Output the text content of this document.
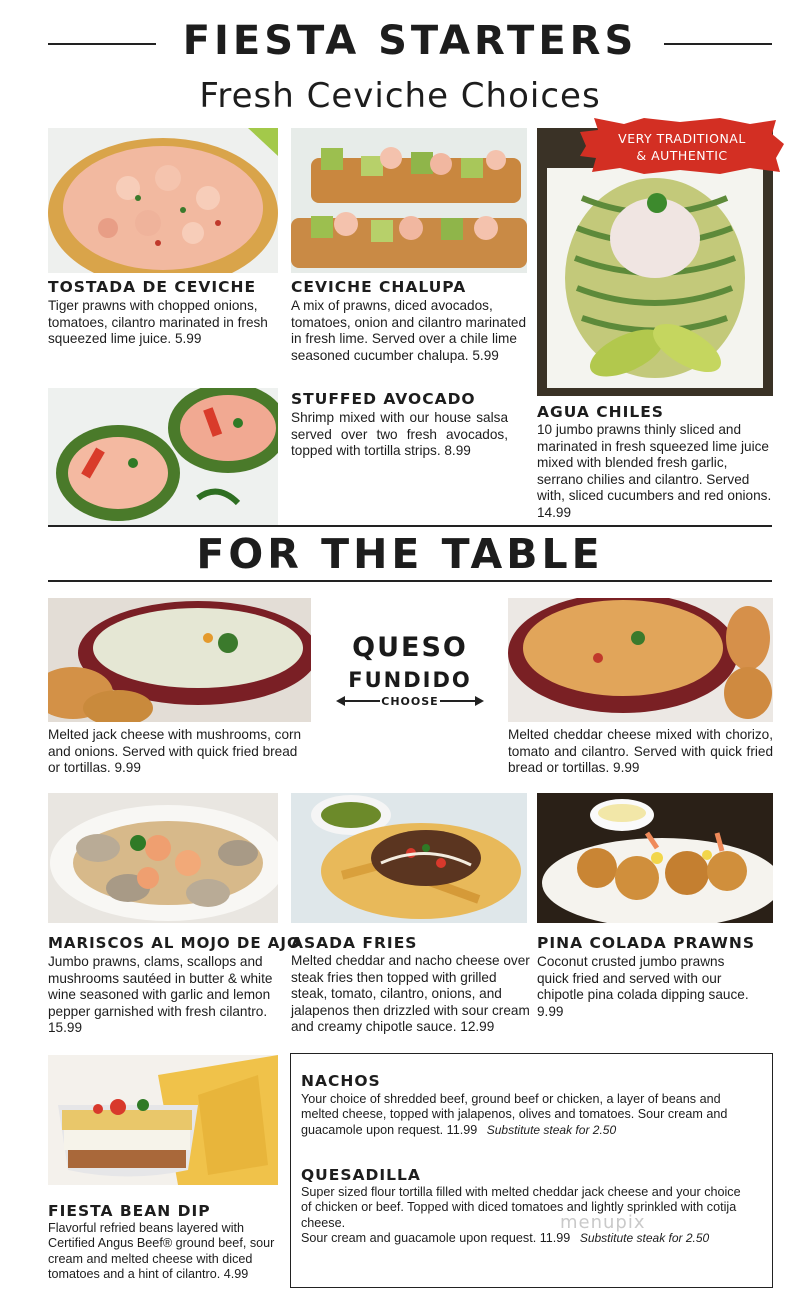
FIESTA STARTERS
Fresh Ceviche Choices
VERY TRADITIONAL
& AUTHENTIC
TOSTADA DE CEVICHE
Tiger prawns with chopped onions, tomatoes, cilantro marinated in fresh squeezed lime juice. 5.99
CEVICHE CHALUPA
A mix of prawns, diced avocados, tomatoes, onion and cilantro marinated in fresh lime. Served over a chile lime seasoned cucumber chalupa. 5.99
STUFFED AVOCADO
Shrimp mixed with our house salsa served over two fresh avocados, topped with tortilla strips. 8.99
AGUA CHILES
10 jumbo prawns thinly sliced and marinated in fresh squeezed lime juice mixed with blended fresh garlic, serrano chilies and cilantro. Served with, sliced cucumbers and red onions. 14.99
FOR THE TABLE
QUESO
FUNDIDO
CHOOSE
Melted jack cheese with mushrooms, corn and onions. Served with quick fried bread or tortillas. 9.99
Melted cheddar cheese mixed with chorizo, tomato and cilantro. Served with quick fried bread or tortillas. 9.99
MARISCOS AL MOJO DE AJO
Jumbo prawns, clams, scallops and mushrooms sautéed in butter & white wine seasoned with garlic and lemon pepper garnished with fresh cilantro. 15.99
ASADA FRIES
Melted cheddar and nacho cheese over steak fries then topped with grilled steak, tomato, cilantro, onions, and jalapenos then drizzled with sour cream and creamy chipotle sauce. 12.99
PINA COLADA PRAWNS
Coconut crusted jumbo prawns quick fried and served with our chipotle pina colada dipping sauce. 9.99
FIESTA BEAN DIP
Flavorful refried beans layered with Certified Angus Beef® ground beef, sour cream and melted cheese with diced tomatoes and a hint of cilantro. 4.99
NACHOS
Your choice of shredded beef, ground beef or chicken, a layer of beans and melted cheese, topped with jalapenos, olives and tomatoes. Sour cream and guacamole upon request. 11.99 Substitute steak for 2.50
QUESADILLA
Super sized flour tortilla filled with melted cheddar jack cheese and your choice of chicken or beef. Topped with diced tomatoes and lightly sprinkled with cotija cheese.
Sour cream and guacamole upon request. 11.99 Substitute steak for 2.50
menupix
